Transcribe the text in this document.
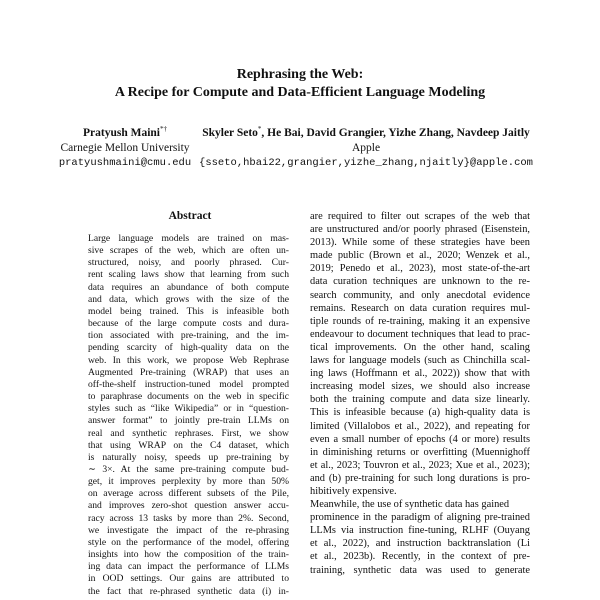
Rephrasing the Web:
A Recipe for Compute and Data-Efficient Language Modeling
Pratyush Maini*†
Carnegie Mellon University
pratyushmaini@cmu.edu
Skyler Seto*, He Bai, David Grangier, Yizhe Zhang, Navdeep Jaitly
Apple
{sseto,hbai22,grangier,yizhe_zhang,njaitly}@apple.com
Abstract
Large language models are trained on mas-
sive scrapes of the web, which are often un-
structured, noisy, and poorly phrased. Cur-
rent scaling laws show that learning from such
data requires an abundance of both compute
and data, which grows with the size of the
model being trained. This is infeasible both
because of the large compute costs and dura-
tion associated with pre-training, and the im-
pending scarcity of high-quality data on the
web. In this work, we propose Web Rephrase
Augmented Pre-training (WRAP) that uses an
off-the-shelf instruction-tuned model prompted
to paraphrase documents on the web in specific
styles such as “like Wikipedia” or in “question-
answer format” to jointly pre-train LLMs on
real and synthetic rephrases. First, we show
that using WRAP on the C4 dataset, which
is naturally noisy, speeds up pre-training by
∼ 3×. At the same pre-training compute bud-
get, it improves perplexity by more than 50%
on average across different subsets of the Pile,
and improves zero-shot question answer accu-
racy across 13 tasks by more than 2%. Second,
we investigate the impact of the re-phrasing
style on the performance of the model, offering
insights into how the composition of the train-
ing data can impact the performance of LLMs
in OOD settings. Our gains are attributed to
the fact that re-phrased synthetic data (i) in-
are required to filter out scrapes of the web that
are unstructured and/or poorly phrased (Eisenstein,
2013). While some of these strategies have been
made public (Brown et al., 2020; Wenzek et al.,
2019; Penedo et al., 2023), most state-of-the-art
data curation techniques are unknown to the re-
search community, and only anecdotal evidence
remains. Research on data curation requires mul-
tiple rounds of re-training, making it an expensive
endeavour to document techniques that lead to prac-
tical improvements. On the other hand, scaling
laws for language models (such as Chinchilla scal-
ing laws (Hoffmann et al., 2022)) show that with
increasing model sizes, we should also increase
both the training compute and data size linearly.
This is infeasible because (a) high-quality data is
limited (Villalobos et al., 2022), and repeating for
even a small number of epochs (4 or more) results
in diminishing returns or overfitting (Muennighoff
et al., 2023; Touvron et al., 2023; Xue et al., 2023);
and (b) pre-training for such long durations is pro-
hibitively expensive.
Meanwhile, the use of synthetic data has gained
prominence in the paradigm of aligning pre-trained
LLMs via instruction fine-tuning, RLHF (Ouyang
et al., 2022), and instruction backtranslation (Li
et al., 2023b). Recently, in the context of pre-
training, synthetic data was used to generate
